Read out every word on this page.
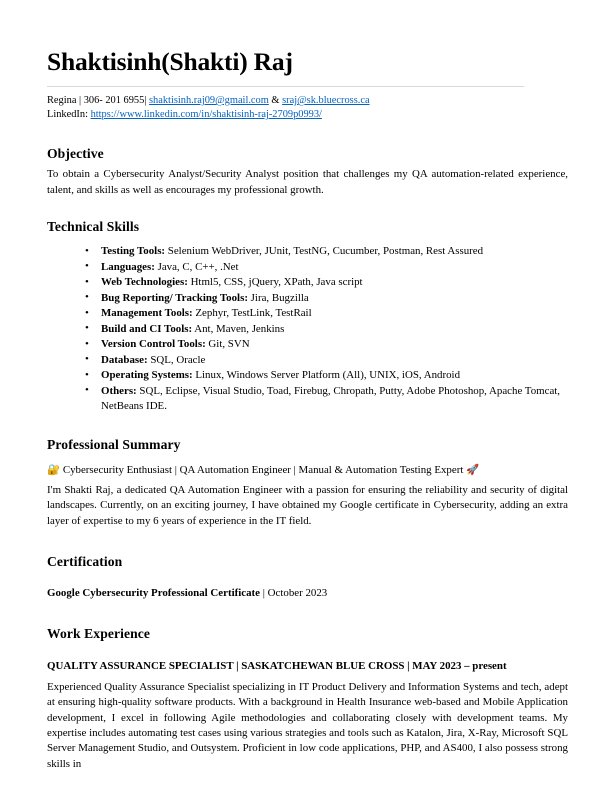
Shaktisinh(Shakti) Raj
Regina | 306- 201 6955| shaktisinh.raj09@gmail.com & sraj@sk.bluecross.ca
LinkedIn: https://www.linkedin.com/in/shaktisinh-raj-2709p0993/
Objective

To obtain a Cybersecurity Analyst/Security Analyst position that challenges my QA automation-related experience, talent, and skills as well as encourages my professional growth.

Technical Skills
• Testing Tools: Selenium WebDriver, JUnit, TestNG, Cucumber, Postman, Rest Assured
• Languages: Java, C, C++, .Net
• Web Technologies: Html5, CSS, jQuery, XPath, Java script
• Bug Reporting/ Tracking Tools: Jira, Bugzilla
• Management Tools: Zephyr, TestLink, TestRail
• Build and CI Tools: Ant, Maven, Jenkins
• Version Control Tools: Git, SVN
• Database: SQL, Oracle
• Operating Systems: Linux, Windows Server Platform (All), UNIX, iOS, Android
• Others: SQL, Eclipse, Visual Studio, Toad, Firebug, Chropath, Putty, Adobe Photoshop, Apache Tomcat, NetBeans IDE.
Professional Summary
🔐 Cybersecurity Enthusiast | QA Automation Engineer | Manual & Automation Testing Expert 🚀

I'm Shakti Raj, a dedicated QA Automation Engineer with a passion for ensuring the reliability and security of digital landscapes. Currently, on an exciting journey, I have obtained my Google certificate in Cybersecurity, adding an extra layer of expertise to my 6 years of experience in the IT field.

Certification
Google Cybersecurity Professional Certificate | October 2023
Work Experience
QUALITY ASSURANCE SPECIALIST | SASKATCHEWAN BLUE CROSS | MAY 2023 – present

Experienced Quality Assurance Specialist specializing in IT Product Delivery and Information Systems and tech, adept at ensuring high-quality software products. With a background in Health Insurance web-based and Mobile Application development, I excel in following Agile methodologies and collaborating closely with development teams. My expertise includes automating test cases using various strategies and tools such as Katalon, Jira, X-Ray, Microsoft SQL Server Management Studio, and Outsystem. Proficient in low code applications, PHP, and AS400, I also possess strong skills in
